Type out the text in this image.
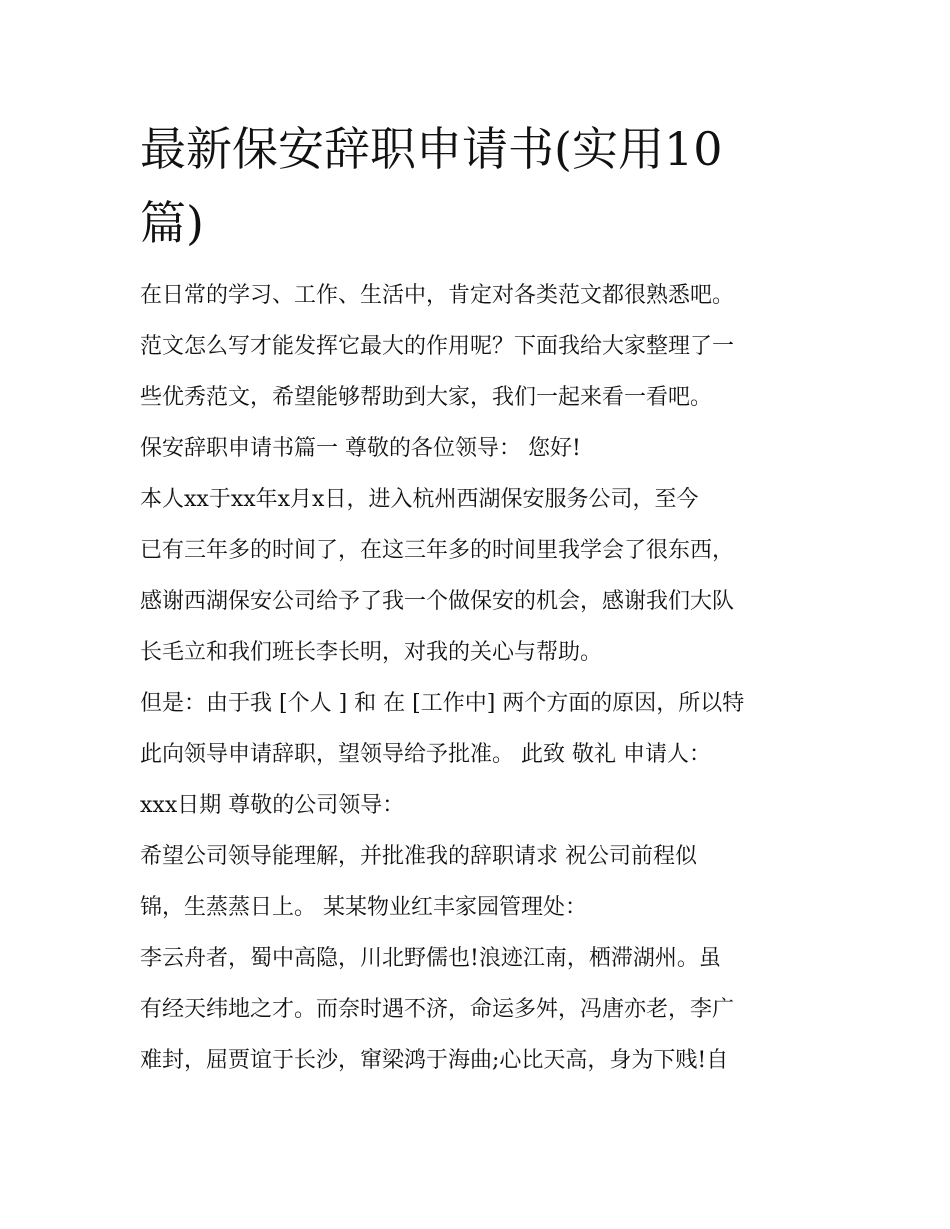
最新保安辞职申请书(实用10
篇)
在日常的学习、工作、生活中，肯定对各类范文都很熟悉吧。
范文怎么写才能发挥它最大的作用呢？下面我给大家整理了一
些优秀范文，希望能够帮助到大家，我们一起来看一看吧。
保安辞职申请书篇一 尊敬的各位领导： 您好!
本人xx于xx年x月x日，进入杭州西湖保安服务公司，至今
已有三年多的时间了，在这三年多的时间里我学会了很东西，
感谢西湖保安公司给予了我一个做保安的机会，感谢我们大队
长毛立和我们班长李长明，对我的关心与帮助。
但是：由于我 [个人 ] 和 在 [工作中] 两个方面的原因，所以特
此向领导申请辞职，望领导给予批准。 此致 敬礼 申请人：
xxx日期 尊敬的公司领导：
希望公司领导能理解，并批准我的辞职请求 祝公司前程似
锦，生蒸蒸日上。 某某物业红丰家园管理处：
李云舟者，蜀中高隐，川北野儒也!浪迹江南，栖滞湖州。虽
有经天纬地之才。而奈时遇不济，命运多舛，冯唐亦老，李广
难封，屈贾谊于长沙，窜梁鸿于海曲;心比天高，身为下贱!自
